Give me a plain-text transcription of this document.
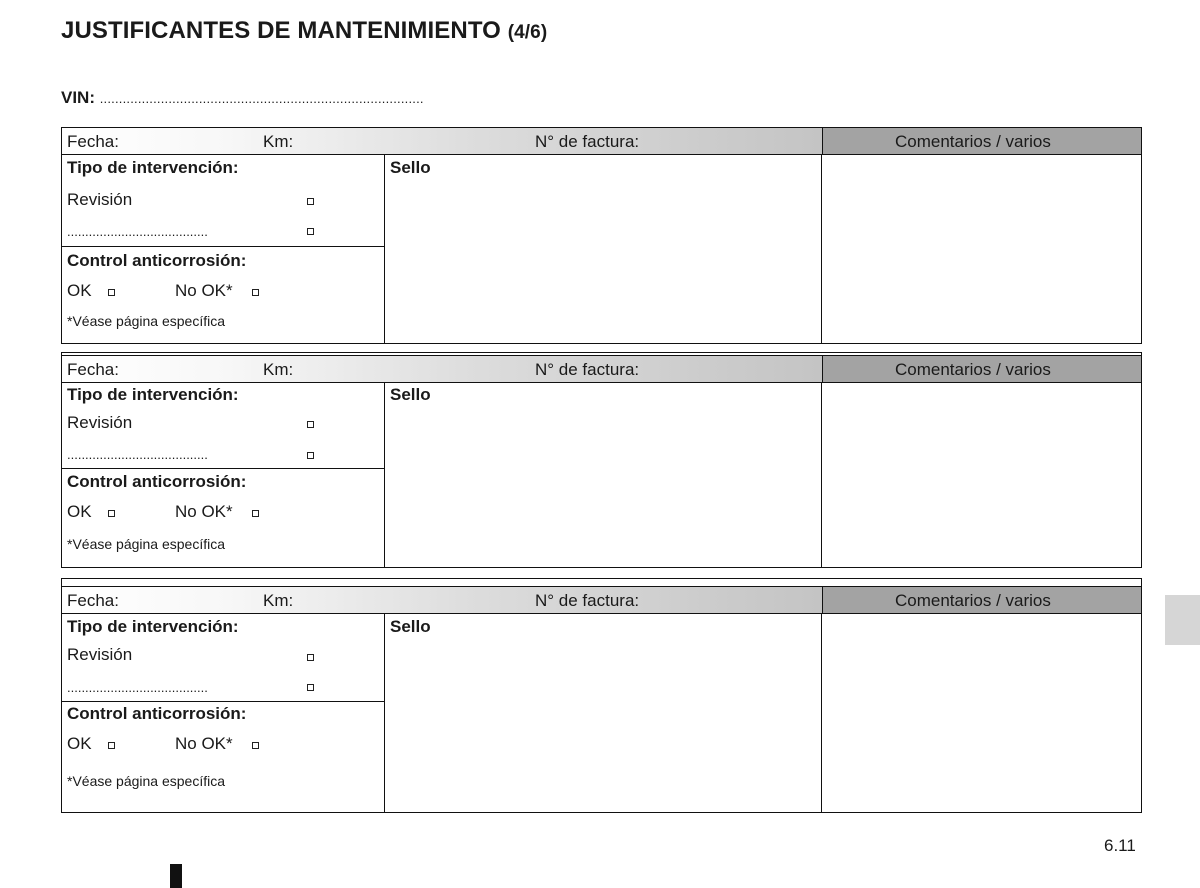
JUSTIFICANTES DE MANTENIMIENTO (4/6)
VIN: .....................................................................................
Fecha:	Km:	N° de factura:	Comentarios / varios
Tipo de intervención:
Revisión
.......................................
Control anticorrosión:
OK	No OK*
*Véase página específica
Sello
Fecha:	Km:	N° de factura:	Comentarios / varios
Tipo de intervención:
Revisión
.......................................
Control anticorrosión:
OK	No OK*
*Véase página específica
Sello
Fecha:	Km:	N° de factura:	Comentarios / varios
Tipo de intervención:
Revisión
.......................................
Control anticorrosión:
OK	No OK*
*Véase página específica
Sello
6.11
